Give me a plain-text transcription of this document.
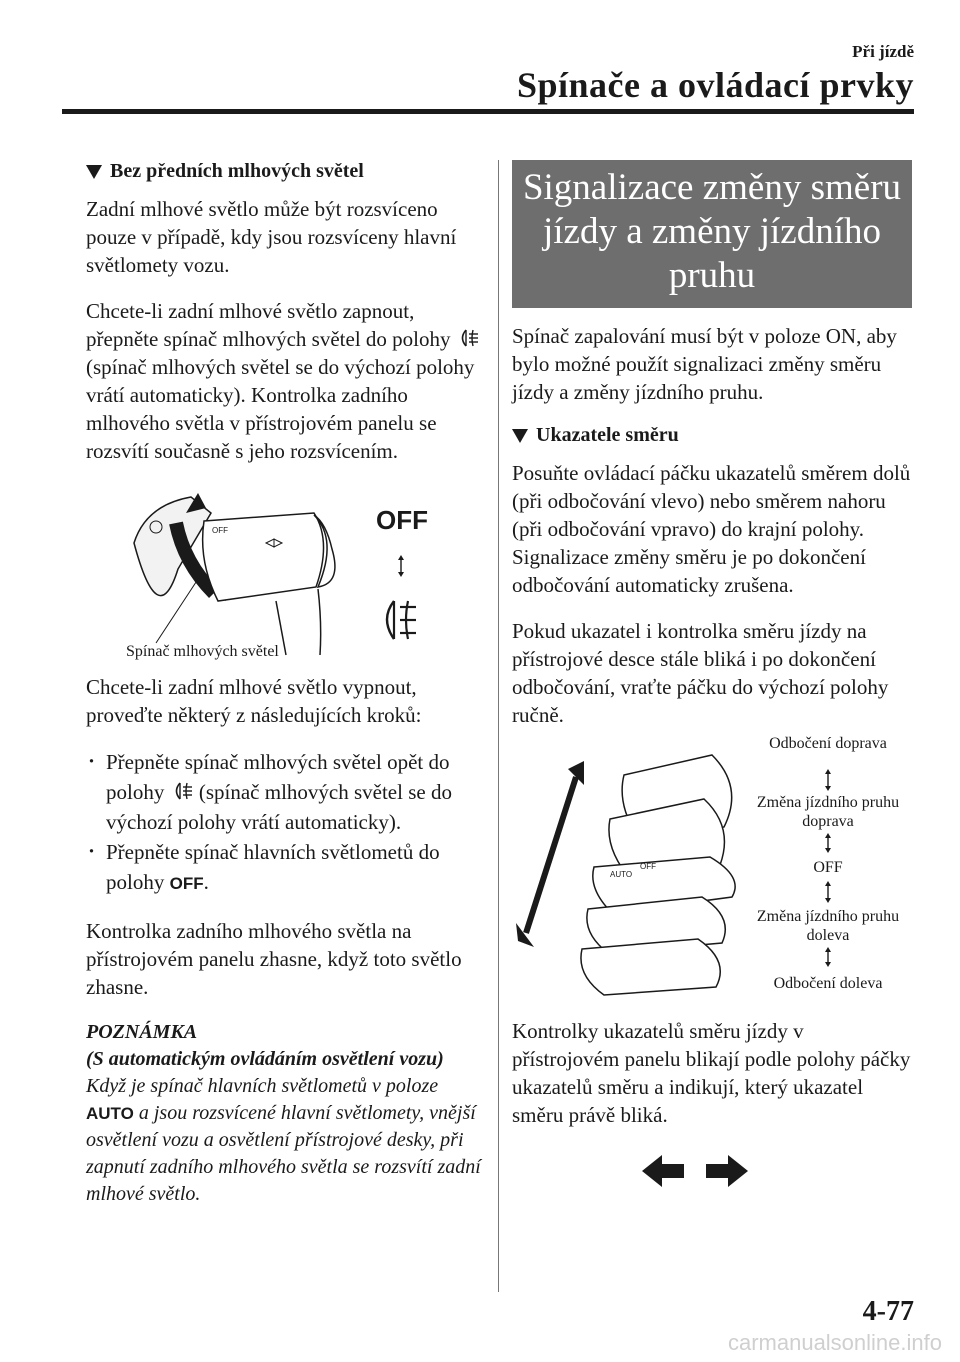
Při jízdě
Spínače a ovládací prvky
Bez předních mlhových světel

Zadní mlhové světlo může být rozsvíceno pouze v případě, kdy jsou rozsvíceny hlavní světlomety vozu.

Chcete-li zadní mlhové světlo zapnout, přepněte spínač mlhových světel do polohy  (spínač mlhových světel se do výchozí polohy vrátí automaticky). Kontrolka zadního mlhového světla v přístrojovém panelu se rozsvítí současně s jeho rozsvícením.

OFF	OFF
Spínač mlhových světel

Chcete-li zadní mlhové světlo vypnout, proveďte některý z následujících kroků:

· Přepněte spínač mlhových světel opět do polohy (spínač mlhových světel se do výchozí polohy vrátí automaticky).
· Přepněte spínač hlavních světlometů do polohy OFF.

Kontrolka zadního mlhového světla na přístrojovém panelu zhasne, když toto světlo zhasne.

POZNÁMKA
(S automatickým ovládáním osvětlení vozu)
Když je spínač hlavních světlometů v poloze AUTO a jsou rozsvícené hlavní světlomety, vnější osvětlení vozu a osvětlení přístrojové desky, při zapnutí zadního mlhového světla se rozsvítí zadní mlhové světlo.
Signalizace změny směru jízdy a změny jízdního pruhu

Spínač zapalování musí být v poloze ON, aby bylo možné použít signalizaci změny směru jízdy a změny jízdního pruhu.

Ukazatele směru

Posuňte ovládací páčku ukazatelů směrem dolů (při odbočování vlevo) nebo směrem nahoru (při odbočování vpravo) do krajní polohy. Signalizace změny směru je po dokončení odbočování automaticky zrušena.

Pokud ukazatel i kontrolka směru jízdy na přístrojové desce stále bliká i po dokončení odbočování, vraťte páčku do výchozí polohy ručně.

AUTO
OFF
Odbočení doprava
Změna jízdního pruhu doprava
OFF
Změna jízdního pruhu doleva
Odbočení doleva

Kontrolky ukazatelů směru jízdy v přístrojovém panelu blikají podle polohy páčky ukazatelů směru a indikují, který ukazatel směru právě bliká.

4-77
carmanualsonline.info
